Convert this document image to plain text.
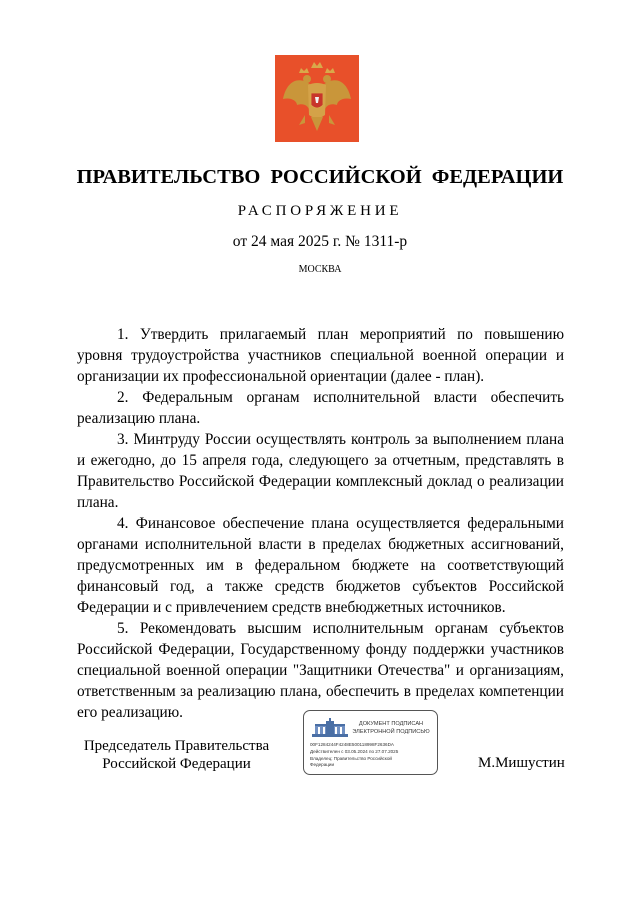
ПРАВИТЕЛЬСТВО РОССИЙСКОЙ ФЕДЕРАЦИИ
РАСПОРЯЖЕНИЕ
от 24 мая 2025 г. № 1311-р
МОСКВА

1. Утвердить прилагаемый план мероприятий по повышению уровня трудоустройства участников специальной военной операции и организации их профессиональной ориентации (далее - план).

2. Федеральным органам исполнительной власти обеспечить реализацию плана.

3. Минтруду России осуществлять контроль за выполнением плана и ежегодно, до 15 апреля года, следующего за отчетным, представлять в Правительство Российской Федерации комплексный доклад о реализации плана.

4. Финансовое обеспечение плана осуществляется федеральными органами исполнительной власти в пределах бюджетных ассигнований, предусмотренных им в федеральном бюджете на соответствующий финансовый год, а также средств бюджетов субъектов Российской Федерации и с привлечением средств внебюджетных источников.

5. Рекомендовать высшим исполнительным органам субъектов Российской Федерации, Государственному фонду поддержки участников специальной военной операции "Защитники Отечества" и организациям, ответственным за реализацию плана, обеспечить в пределах компетенции его реализацию.

Председатель Правительства
Российской Федерации
ДОКУМЕНТ ПОДПИСАН
ЭЛЕКТРОННОЙ ПОДПИСЬЮ
00F1284244F4248E500118998F2636DA
Действителен с 03.05.2024 по 27.07.2025
Владелец: Правительство Российской
Федерации	М.Мишустин
